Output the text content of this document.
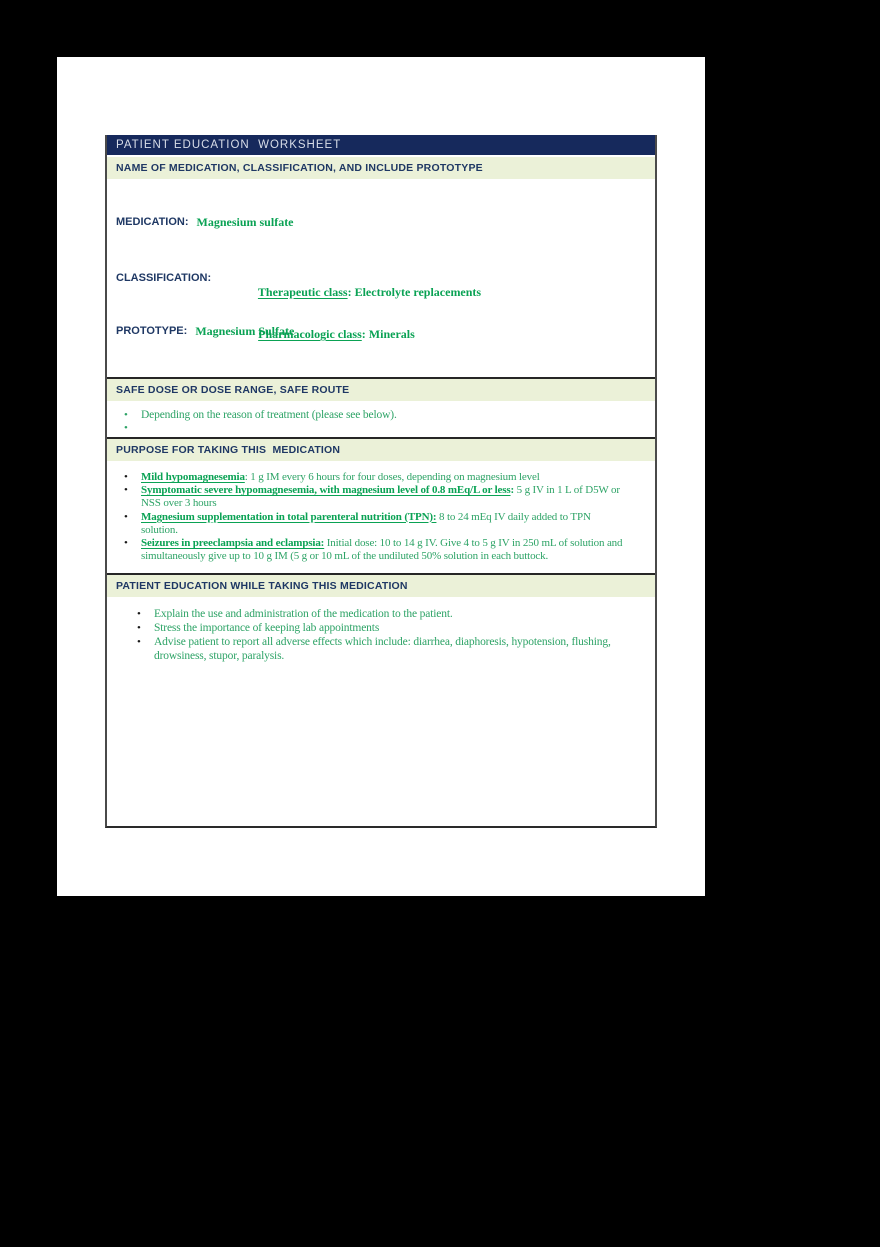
PATIENT EDUCATION  WORKSHEET
NAME OF MEDICATION, CLASSIFICATION, AND INCLUDE PROTOTYPE
MEDICATION: Magnesium sulfate
CLASSIFICATION:

Therapeutic class: Electrolyte replacements

Pharmacologic class: Minerals

PROTOTYPE: Magnesium Sulfate
SAFE DOSE OR DOSE RANGE, SAFE ROUTE
•	Depending on the reason of treatment (please see below).
•
PURPOSE FOR TAKING THIS  MEDICATION
•	Mild hypomagnesemia: 1 g IM every 6 hours for four doses, depending on magnesium level
•	Symptomatic severe hypomagnesemia, with magnesium level of 0.8 mEq/L or less: 5 g IV in 1 L of D5W or
NSS over 3 hours
•	Magnesium supplementation in total parenteral nutrition (TPN): 8 to 24 mEq IV daily added to TPN
solution.
•	Seizures in preeclampsia and eclampsia: Initial dose: 10 to 14 g IV. Give 4 to 5 g IV in 250 mL of solution and
simultaneously give up to 10 g IM (5 g or 10 mL of the undiluted 50% solution in each buttock.
PATIENT EDUCATION WHILE TAKING THIS MEDICATION
•	Explain the use and administration of the medication to the patient.
•	Stress the importance of keeping lab appointments
•	Advise patient to report all adverse effects which include: diarrhea, diaphoresis, hypotension, flushing,
drowsiness, stupor, paralysis.
